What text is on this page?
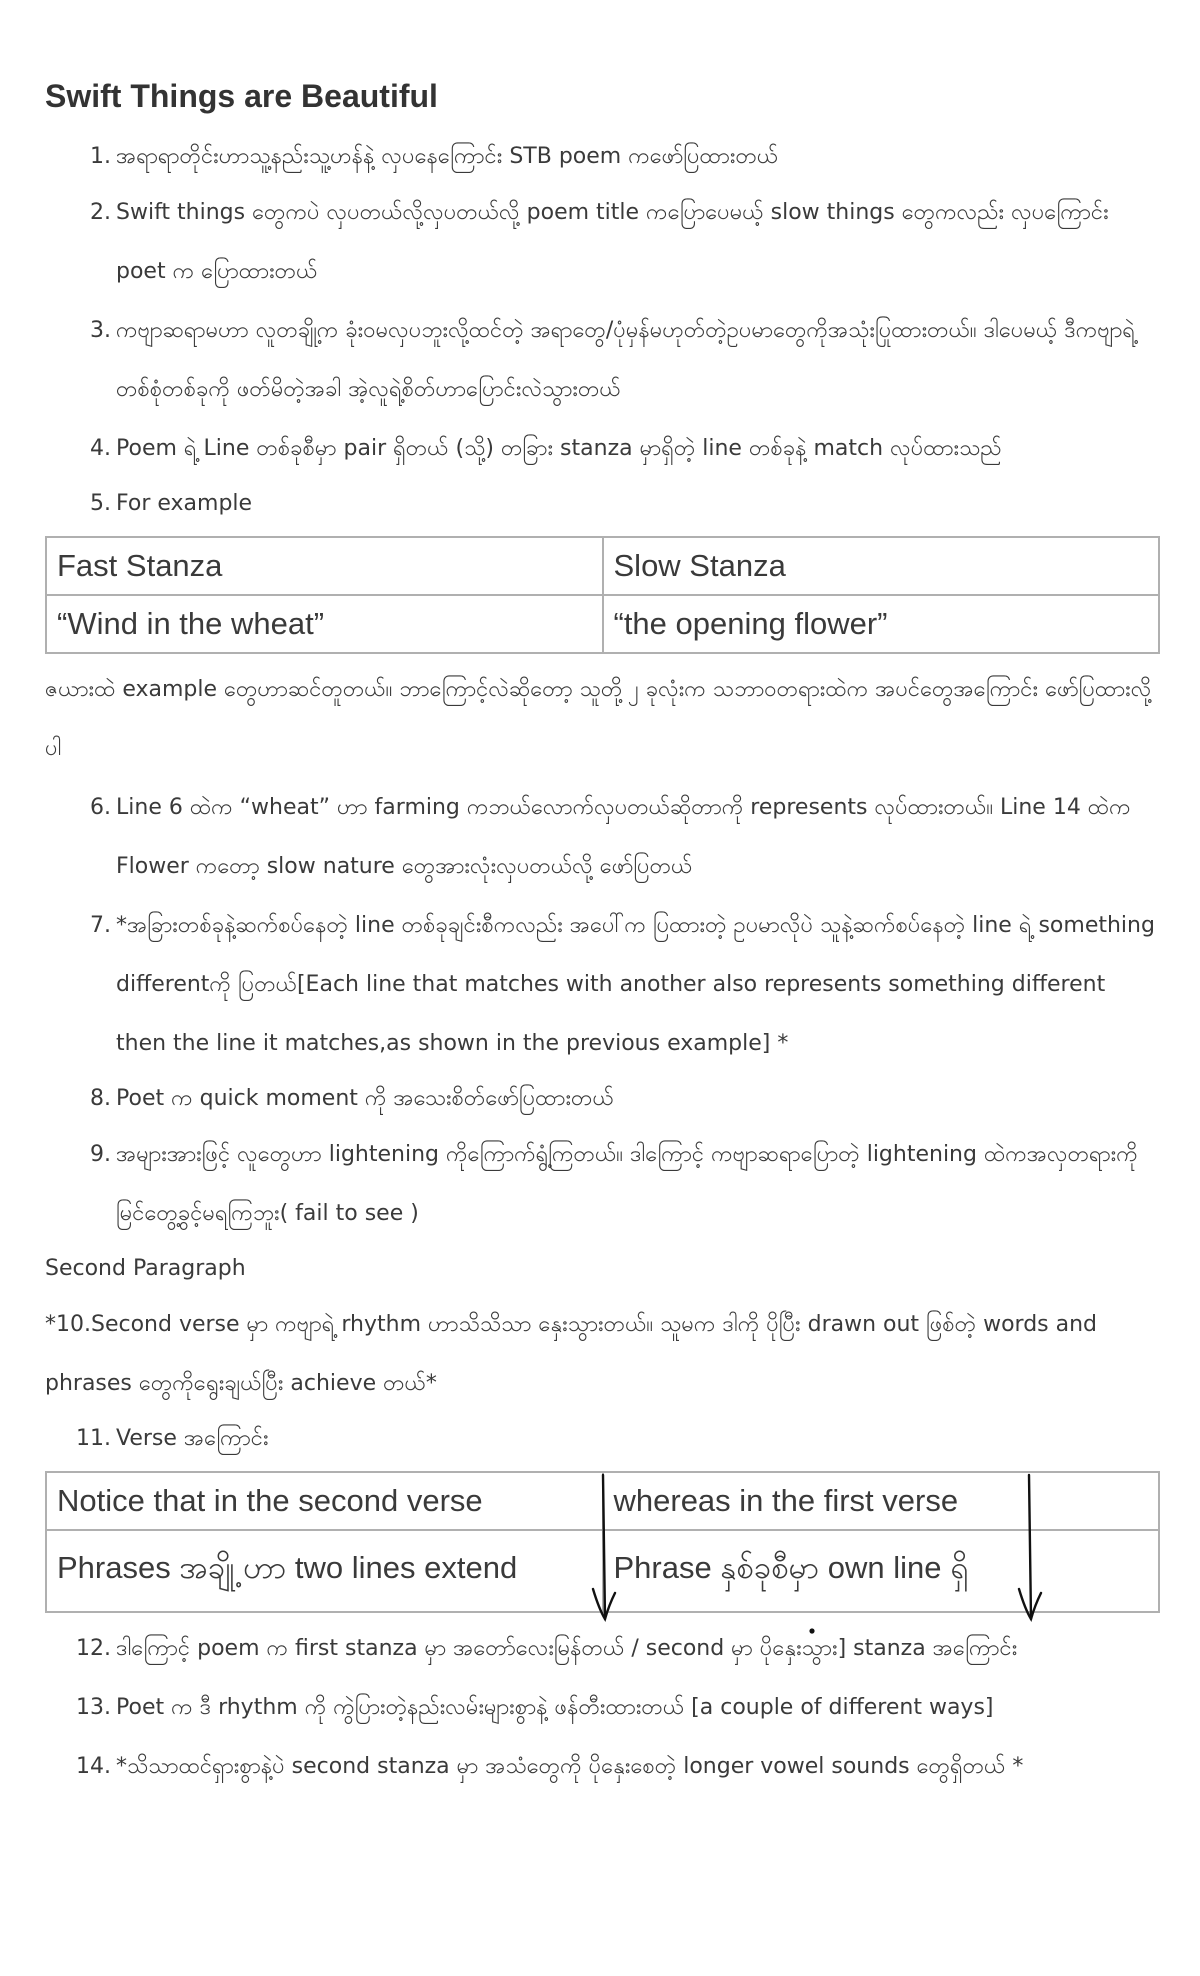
Swift Things are Beautiful
1 . အရာရာတိုင်းဟာသူ့နည်းသူ့ဟန်နဲ့ လှပနေကြောင်း STB poem ကဖော်ပြထားတယ်
2 . Swift things တွေကပဲ လှပတယ်လို့လှပတယ်လို့ poem title ကပြောပေမယ့် slow things တွေကလည်း လှပကြောင်း poet က ပြောထားတယ်
3 . ကဗျာဆရာမဟာ လူတချို့က ခုံးဝမလှပဘူးလို့ထင်တဲ့ အရာတွေ/ပုံမှန်မဟုတ်တဲ့ဥပမာတွေကိုအသုံးပြုထားတယ်။ ဒါပေမယ့် ဒီကဗျာရဲ့တစ်စုံတစ်ခုကို ဖတ်မိတဲ့အခါ အဲ့လူရဲ့စိတ်ဟာပြောင်းလဲသွားတယ်
4 . Poem ရဲ့ Line တစ်ခုစီမှာ pair ရှိတယ် (သို့) တခြား stanza မှာရှိတဲ့ line တစ်ခုနဲ့ match လုပ်ထားသည်
5 . For example
Fast Stanza	Slow Stanza
“Wind in the wheat”	“the opening flower”

ဇယားထဲ example တွေဟာဆင်တူတယ်။ ဘာကြောင့်လဲဆိုတော့ သူတို့၂ ခုလုံးက သဘာဝတရားထဲက အပင်တွေအကြောင်း ဖော်ပြထားလို့ပါ

6 . Line 6 ထဲက “wheat” ဟာ farming ကဘယ်လောက်လှပတယ်ဆိုတာကို represents လုပ်ထားတယ်။ Line 14 ထဲက Flower ကတော့ slow nature တွေအားလုံးလှပတယ်လို့ ဖော်ပြတယ်
7 . *အခြားတစ်ခုနဲ့ဆက်စပ်နေတဲ့ line တစ်ခုချင်းစီကလည်း အပေါ်က ပြထားတဲ့ ဥပမာလိုပဲ သူနဲ့ဆက်စပ်နေတဲ့ line ရဲ့ something differentကို ပြတယ်[Each line that matches with another also represents something different then the line it matches,as shown in the previous example] *
8 . Poet က quick moment ကို အသေးစိတ်ဖော်ပြထားတယ်
9 . အများအားဖြင့် လူတွေဟာ lightening ကိုကြောက်ရွံ့ကြတယ်။ ဒါကြောင့် ကဗျာဆရာပြောတဲ့ lightening ထဲကအလှတရားကို မြင်တွေ့ခွင့်မရကြဘူး( fail to see )

Second Paragraph

*10.Second verse မှာ ကဗျာရဲ့ rhythm ဟာသိသိသာ နှေးသွားတယ်။ သူမက ဒါကို ပိုပြီး drawn out ဖြစ်တဲ့ words and phrases တွေကိုရွေးချယ်ပြီး achieve တယ်*

11 . Verse အကြောင်း
Notice that in the second verse	whereas in the first verse
Phrases အချို့ ဟာ two lines extend	Phrase နှစ်ခုစီမှာ own line ရှိ
12 . ဒါကြောင့် poem က first stanza မှာ အတော်လေးမြန်တယ် / second မှာ ပိုနှေးသွား] stanza အကြောင်း
13 . Poet က ဒီ rhythm ကို ကွဲပြားတဲ့နည်းလမ်းများစွာနဲ့ ဖန်တီးထားတယ် [a couple of different ways]
14 . *သိသာထင်ရှားစွာနဲ့ပဲ second stanza မှာ အသံတွေကို ပိုနှေးစေတဲ့ longer vowel sounds တွေရှိတယ် *
